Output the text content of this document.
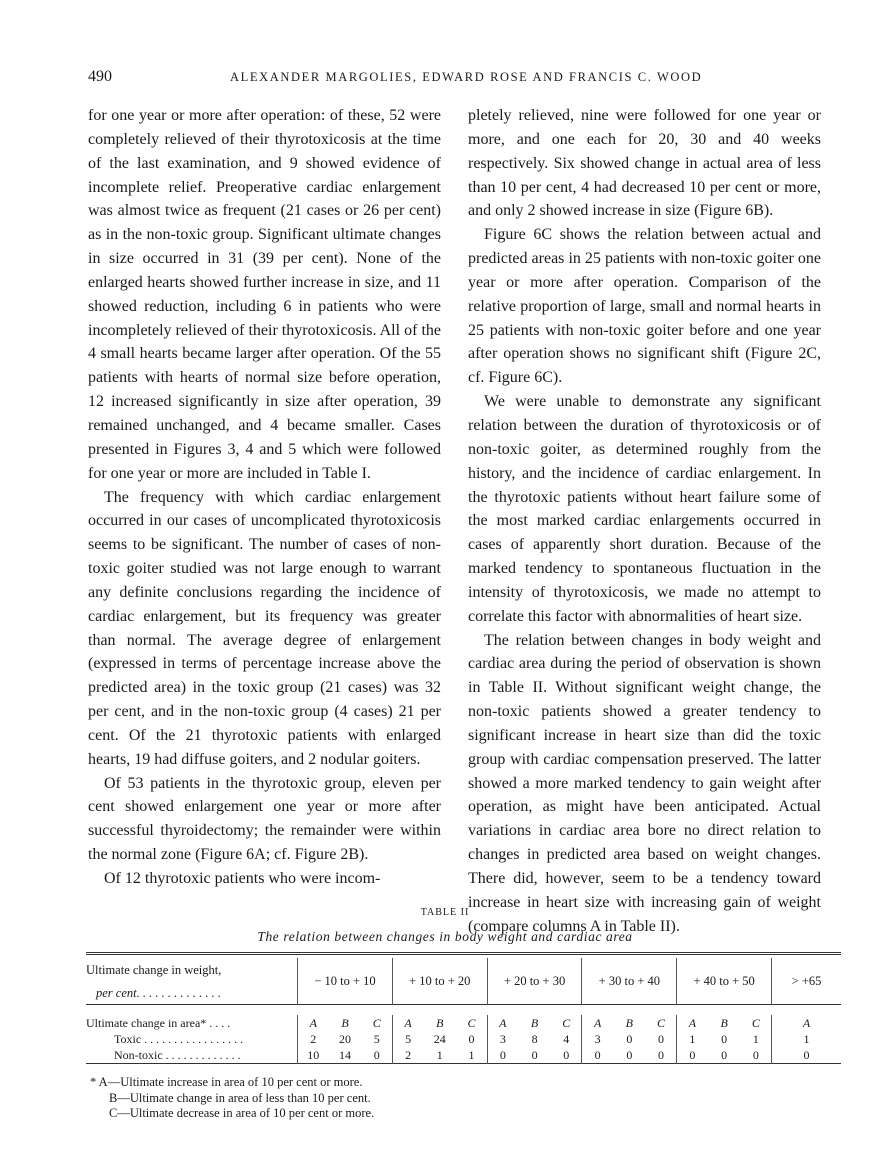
490	ALEXANDER MARGOLIES, EDWARD ROSE AND FRANCIS C. WOOD

for one year or more after operation: of these, 52 were completely relieved of their thyrotoxicosis at the time of the last examination, and 9 showed evidence of incomplete relief. Preoperative cardiac enlargement was almost twice as frequent (21 cases or 26 per cent) as in the non-toxic group. Significant ultimate changes in size occurred in 31 (39 per cent). None of the enlarged hearts showed further increase in size, and 11 showed reduction, including 6 in patients who were incompletely relieved of their thyrotoxicosis. All of the 4 small hearts became larger after operation. Of the 55 patients with hearts of normal size before operation, 12 increased significantly in size after operation, 39 remained unchanged, and 4 became smaller. Cases presented in Figures 3, 4 and 5 which were followed for one year or more are included in Table I.

The frequency with which cardiac enlargement occurred in our cases of uncomplicated thyrotoxicosis seems to be significant. The number of cases of non-toxic goiter studied was not large enough to warrant any definite conclusions regarding the incidence of cardiac enlargement, but its frequency was greater than normal. The average degree of enlargement (expressed in terms of percentage increase above the predicted area) in the toxic group (21 cases) was 32 per cent, and in the non-toxic group (4 cases) 21 per cent. Of the 21 thyrotoxic patients with enlarged hearts, 19 had diffuse goiters, and 2 nodular goiters.

Of 53 patients in the thyrotoxic group, eleven per cent showed enlargement one year or more after successful thyroidectomy; the remainder were within the normal zone (Figure 6A; cf. Figure 2B).

Of 12 thyrotoxic patients who were incom-

pletely relieved, nine were followed for one year or more, and one each for 20, 30 and 40 weeks respectively. Six showed change in actual area of less than 10 per cent, 4 had decreased 10 per cent or more, and only 2 showed increase in size (Figure 6B).

Figure 6C shows the relation between actual and predicted areas in 25 patients with non-toxic goiter one year or more after operation. Comparison of the relative proportion of large, small and normal hearts in 25 patients with non-toxic goiter before and one year after operation shows no significant shift (Figure 2C, cf. Figure 6C).

We were unable to demonstrate any significant relation between the duration of thyrotoxicosis or of non-toxic goiter, as determined roughly from the history, and the incidence of cardiac enlargement. In the thyrotoxic patients without heart failure some of the most marked cardiac enlargements occurred in cases of apparently short duration. Because of the marked tendency to spontaneous fluctuation in the intensity of thyrotoxicosis, we made no attempt to correlate this factor with abnormalities of heart size.

The relation between changes in body weight and cardiac area during the period of observation is shown in Table II. Without significant weight change, the non-toxic patients showed a greater tendency to significant increase in heart size than did the toxic group with cardiac compensation preserved. The latter showed a more marked tendency to gain weight after operation, as might have been anticipated. Actual variations in cardiac area bore no direct relation to changes in predicted area based on weight changes. There did, however, seem to be a tendency toward increase in heart size with increasing gain of weight (compare columns A in Table II).

TABLE II
The relation between changes in body weight and cardiac area

Ultimate change in weight,	− 10 to + 10			+ 10 to + 20			+ 20 to + 30			+ 30 to + 40			+ 40 to + 50			> +65
per cent. . . . . . . . . . . . . .																

Ultimate change in area* . . . .	A	B	C	A	B	C	A	B	C	A	B	C	A	B	C	A
Toxic . . . . . . . . . . . . . . . . .	2	20	5	5	24	0	3	8	4	3	0	0	1	0	1	1
Non-toxic . . . . . . . . . . . . .	10	14	0	2	1	1	0	0	0	0	0	0	0	0	0	0

* A—Ultimate increase in area of 10 per cent or more.
B—Ultimate change in area of less than 10 per cent.
C—Ultimate decrease in area of 10 per cent or more.
